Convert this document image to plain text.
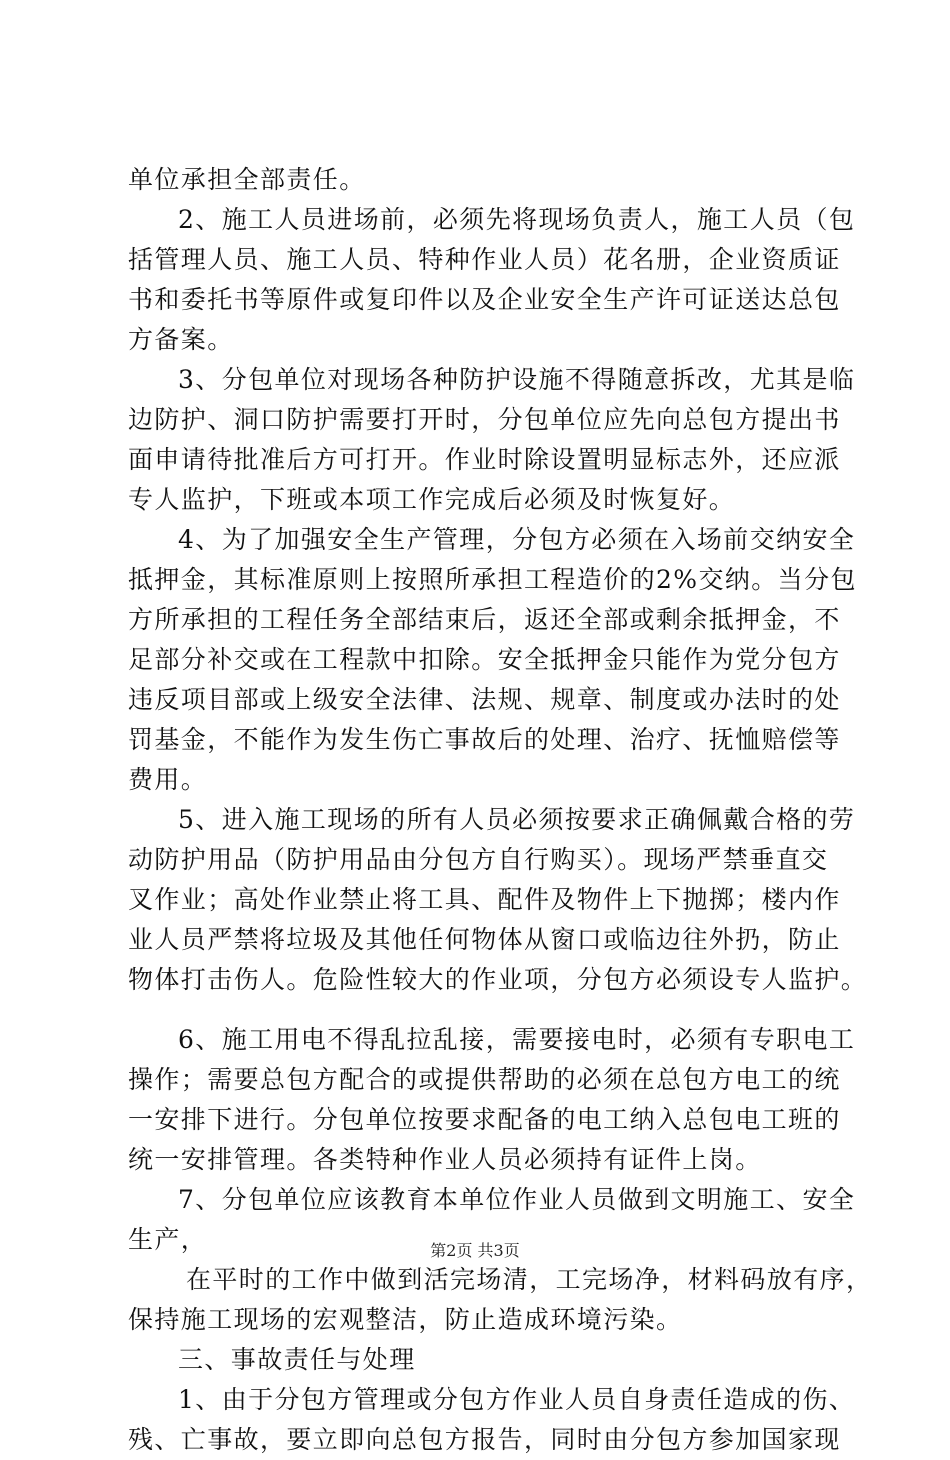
单位承担全部责任。
2、施工人员进场前，必须先将现场负责人，施工人员（包
括管理人员、施工人员、特种作业人员）花名册，企业资质证
书和委托书等原件或复印件以及企业安全生产许可证送达总包
方备案。
3、分包单位对现场各种防护设施不得随意拆改，尤其是临
边防护、洞口防护需要打开时，分包单位应先向总包方提出书
面申请待批准后方可打开。作业时除设置明显标志外，还应派
专人监护，下班或本项工作完成后必须及时恢复好。
4、为了加强安全生产管理，分包方必须在入场前交纳安全
抵押金，其标准原则上按照所承担工程造价的2%交纳。当分包
方所承担的工程任务全部结束后，返还全部或剩余抵押金，不
足部分补交或在工程款中扣除。安全抵押金只能作为党分包方
违反项目部或上级安全法律、法规、规章、制度或办法时的处
罚基金，不能作为发生伤亡事故后的处理、治疗、抚恤赔偿等
费用。
5、进入施工现场的所有人员必须按要求正确佩戴合格的劳
动防护用品（防护用品由分包方自行购买）。现场严禁垂直交
叉作业；高处作业禁止将工具、配件及物件上下抛掷；楼内作
业人员严禁将垃圾及其他任何物体从窗口或临边往外扔，防止
物体打击伤人。危险性较大的作业项，分包方必须设专人监护。
6、施工用电不得乱拉乱接，需要接电时，必须有专职电工
操作；需要总包方配合的或提供帮助的必须在总包方电工的统
一安排下进行。分包单位按要求配备的电工纳入总包电工班的
统一安排管理。各类特种作业人员必须持有证件上岗。
7、分包单位应该教育本单位作业人员做到文明施工、安全
生产，
在平时的工作中做到活完场清，工完场净，材料码放有序，
保持施工现场的宏观整洁，防止造成环境污染。
三、事故责任与处理
1、由于分包方管理或分包方作业人员自身责任造成的伤、
残、亡事故，要立即向总包方报告，同时由分包方参加国家现
第2页 共3页
